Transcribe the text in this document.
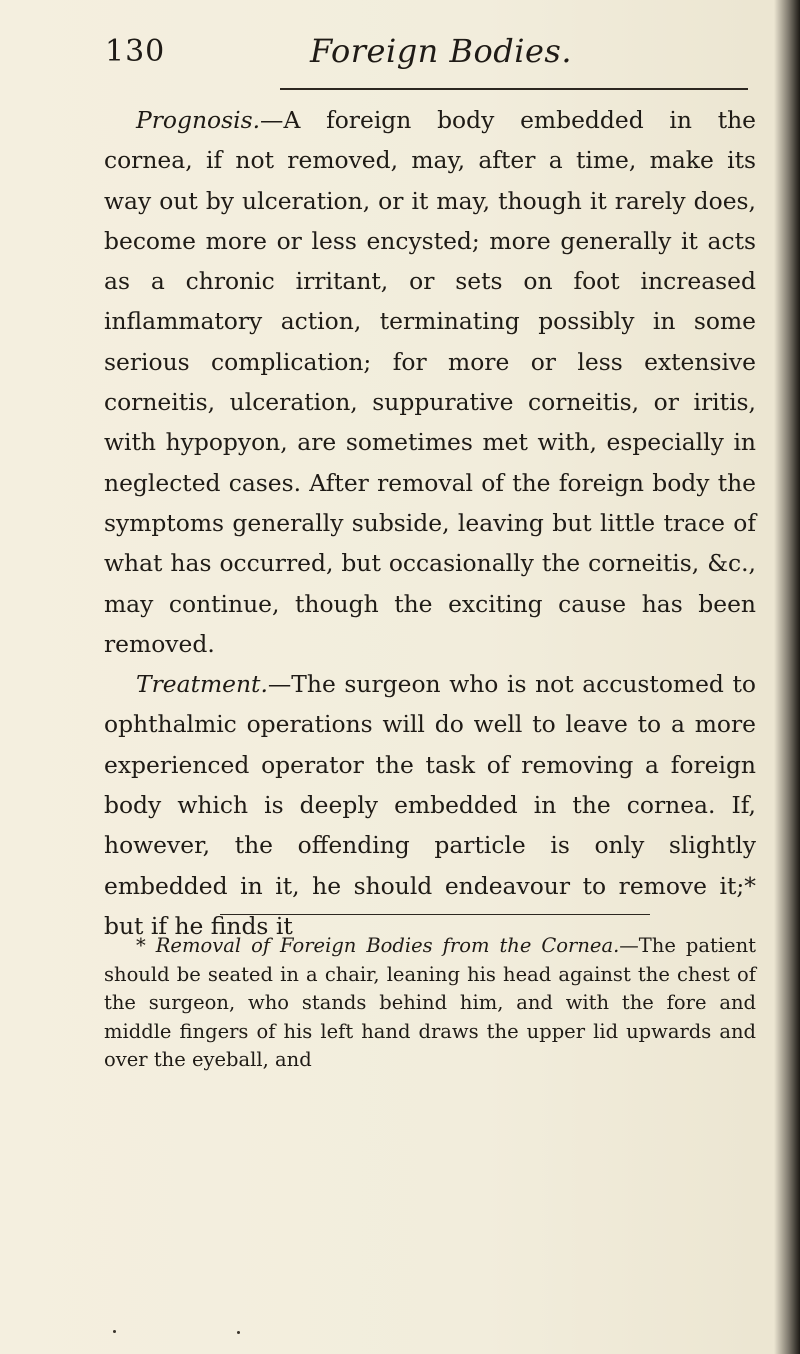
130	Foreign Bodies.

Prognosis.—A foreign body embedded in the cornea, if not removed, may, after a time, make its way out by ulceration, or it may, though it rarely does, become more or less encysted; more generally it acts as a chronic irritant, or sets on foot increased inflammatory action, terminating possibly in some serious complication; for more or less extensive corneitis, ulceration, suppurative corneitis, or iritis, with hypopyon, are sometimes met with, especially in neglected cases. After removal of the foreign body the symptoms generally subside, leaving but little trace of what has occurred, but occasionally the corneitis, &c., may continue, though the exciting cause has been removed.

Treatment.—The surgeon who is not accustomed to ophthalmic operations will do well to leave to a more experienced operator the task of removing a foreign body which is deeply embedded in the cornea. If, however, the offending particle is only slightly embedded in it, he should endeavour to remove it;* but if he finds it

* Removal of Foreign Bodies from the Cornea.—The patient should be seated in a chair, leaning his head against the chest of the surgeon, who stands behind him, and with the fore and middle fingers of his left hand draws the upper lid upwards and over the eyeball, and
